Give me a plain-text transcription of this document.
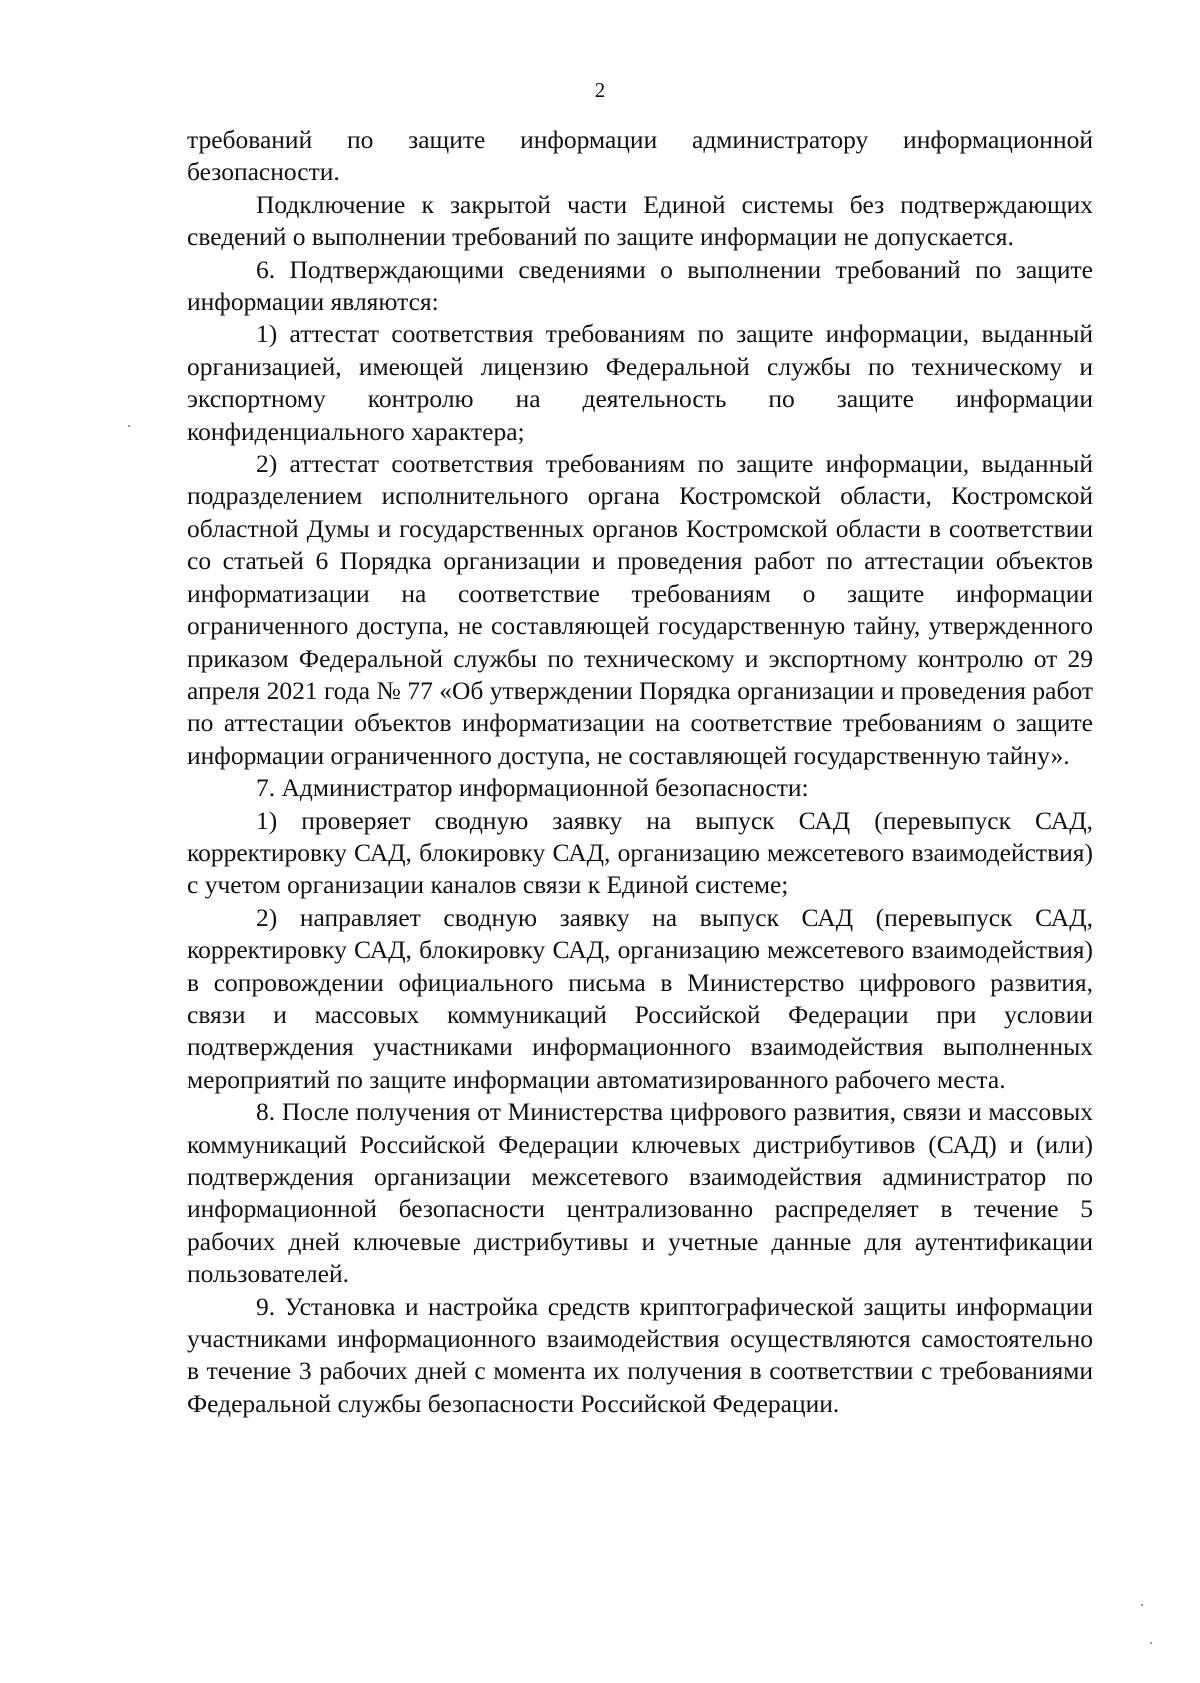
2

требований по защите информации администратору информационной безопасности.

Подключение к закрытой части Единой системы без подтверждающих сведений о выполнении требований по защите информации не допускается.

6. Подтверждающими сведениями о выполнении требований по защите информации являются:

1) аттестат соответствия требованиям по защите информации, выданный организацией, имеющей лицензию Федеральной службы по техническому и экспортному контролю на деятельность по защите информации конфиденциального характера;

2) аттестат соответствия требованиям по защите информации, выданный подразделением исполнительного органа Костромской области, Костромской областной Думы и государственных органов Костромской области в соответствии со статьей 6 Порядка организации и проведения работ по аттестации объектов информатизации на соответствие требованиям о защите информации ограниченного доступа, не составляющей государственную тайну, утвержденного приказом Федеральной службы по техническому и экспортному контролю от 29 апреля 2021 года № 77 «Об утверждении Порядка организации и проведения работ по аттестации объектов информатизации на соответствие требованиям о защите информации ограниченного доступа, не составляющей государственную тайну».

7. Администратор информационной безопасности:

1) проверяет сводную заявку на выпуск САД (перевыпуск САД, корректировку САД, блокировку САД, организацию межсетевого взаимодействия) с учетом организации каналов связи к Единой системе;

2) направляет сводную заявку на выпуск САД (перевыпуск САД, корректировку САД, блокировку САД, организацию межсетевого взаимодействия) в сопровождении официального письма в Министерство цифрового развития, связи и массовых коммуникаций Российской Федерации при условии подтверждения участниками информационного взаимодействия выполненных мероприятий по защите информации автоматизированного рабочего места.

8. После получения от Министерства цифрового развития, связи и массовых коммуникаций Российской Федерации ключевых дистрибутивов (САД) и (или) подтверждения организации межсетевого взаимодействия администратор по информационной безопасности централизованно распределяет в течение 5 рабочих дней ключевые дистрибутивы и учетные данные для аутентификации пользователей.

9. Установка и настройка средств криптографической защиты информации участниками информационного взаимодействия осуществляются самостоятельно в течение 3 рабочих дней с момента их получения в соответствии с требованиями Федеральной службы безопасности Российской Федерации.
